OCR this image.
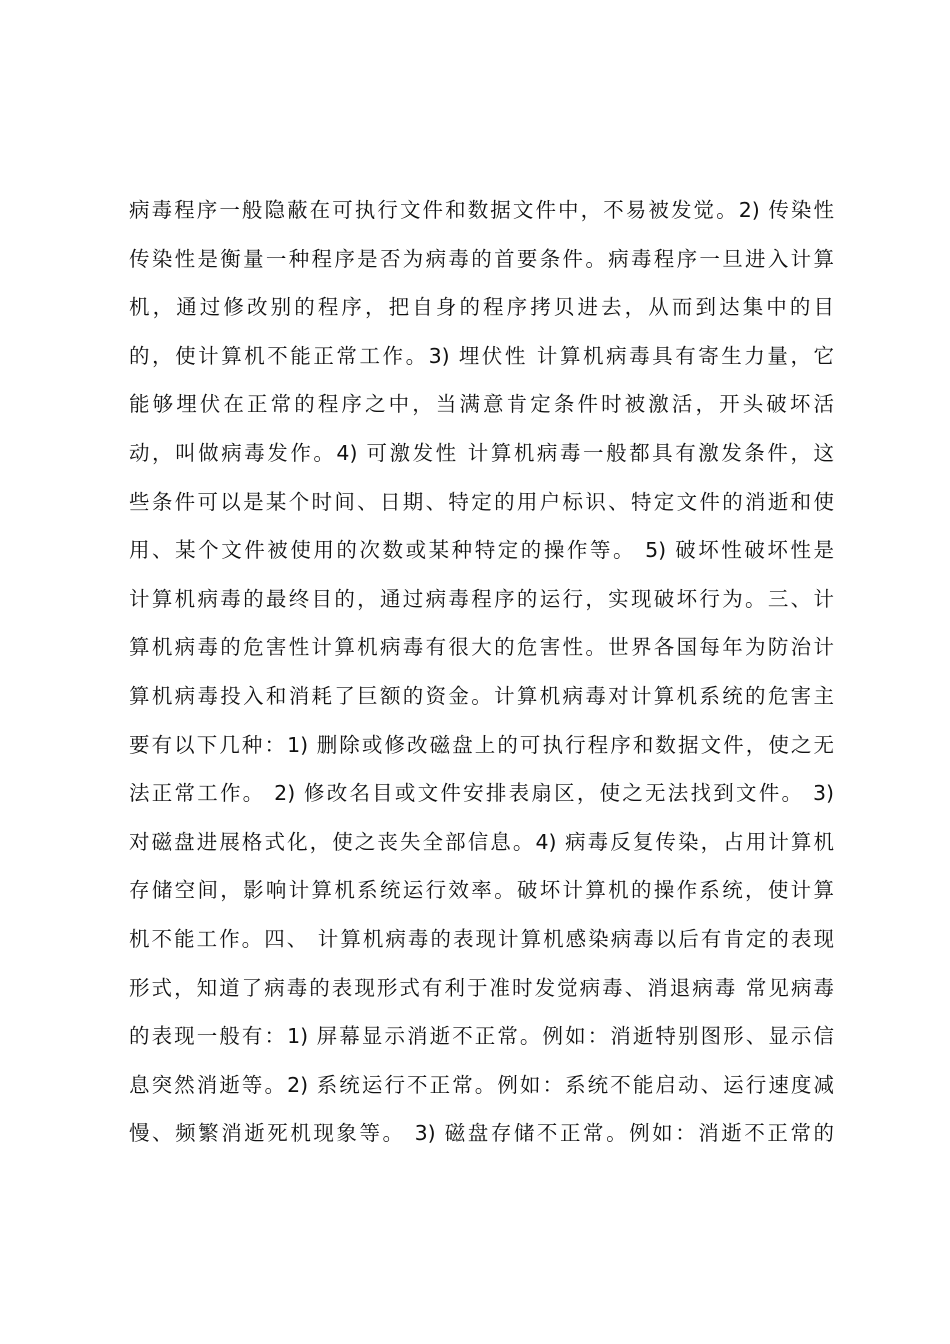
病毒程序一般隐蔽在可执行文件和数据文件中，不易被发觉。2) 传染性
传染性是衡量一种程序是否为病毒的首要条件。病毒程序一旦进入计算
机，通过修改别的程序，把自身的程序拷贝进去，从而到达集中的目
的，使计算机不能正常工作。3) 埋伏性 计算机病毒具有寄生力量，它
能够埋伏在正常的程序之中，当满意肯定条件时被激活，开头破坏活
动，叫做病毒发作。4) 可激发性 计算机病毒一般都具有激发条件，这
些条件可以是某个时间、日期、特定的用户标识、特定文件的消逝和使
用、某个文件被使用的次数或某种特定的操作等。 5) 破坏性破坏性是
计算机病毒的最终目的，通过病毒程序的运行，实现破坏行为。三、计
算机病毒的危害性计算机病毒有很大的危害性。世界各国每年为防治计
算机病毒投入和消耗了巨额的资金。计算机病毒对计算机系统的危害主
要有以下几种：1) 删除或修改磁盘上的可执行程序和数据文件，使之无
法正常工作。 2) 修改名目或文件安排表扇区，使之无法找到文件。 3)
对磁盘进展格式化，使之丧失全部信息。4) 病毒反复传染，占用计算机
存储空间，影响计算机系统运行效率。破坏计算机的操作系统，使计算
机不能工作。四、 计算机病毒的表现计算机感染病毒以后有肯定的表现
形式，知道了病毒的表现形式有利于准时发觉病毒、消退病毒 常见病毒
的表现一般有：1) 屏幕显示消逝不正常。例如：消逝特别图形、显示信
息突然消逝等。2) 系统运行不正常。例如：系统不能启动、运行速度减
慢、频繁消逝死机现象等。 3) 磁盘存储不正常。例如：消逝不正常的
